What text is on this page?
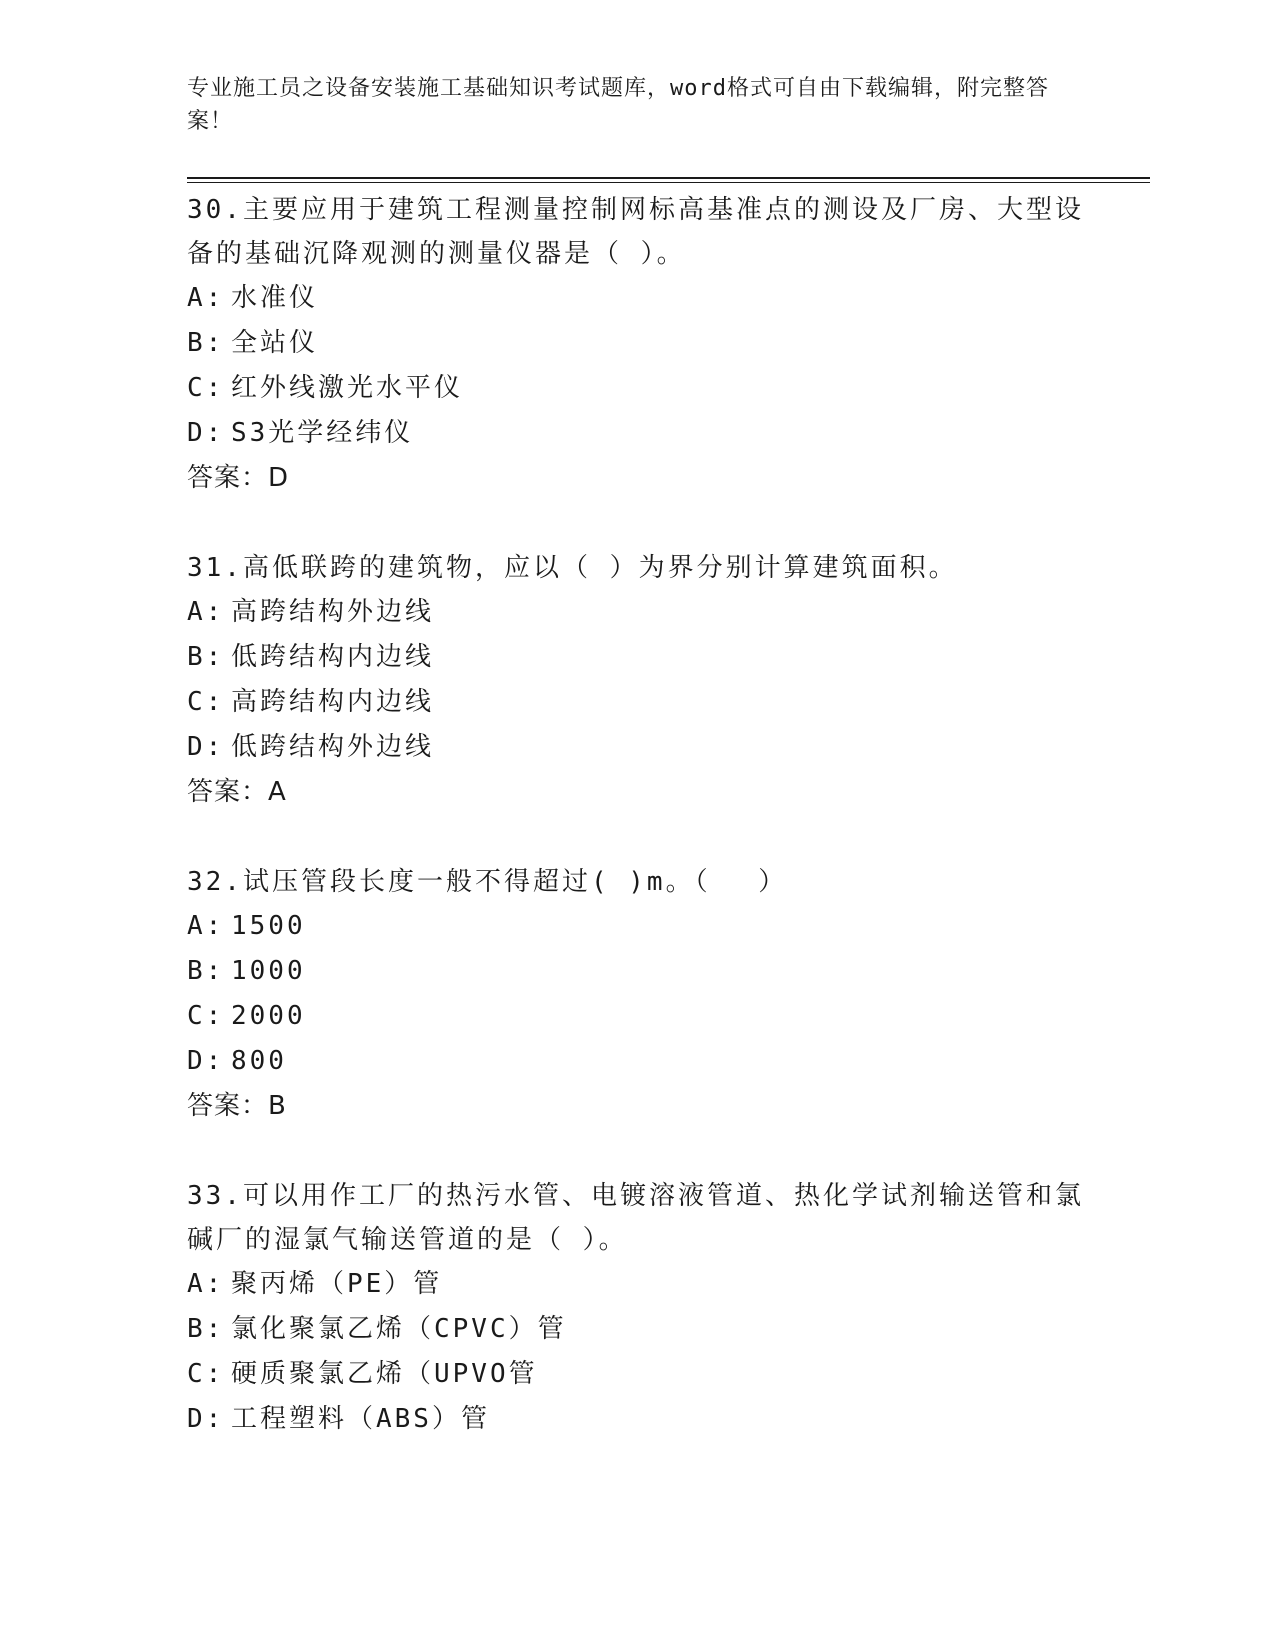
专业施工员之设备安装施工基础知识考试题库，word格式可自由下载编辑，附完整答案！

30.主要应用于建筑工程测量控制网标高基准点的测设及厂房、大型设备的基础沉降观测的测量仪器是（ ）。

A: 水准仪

B: 全站仪

C: 红外线激光水平仪

D: S3光学经纬仪

答案：D

31.高低联跨的建筑物，应以（ ）为界分别计算建筑面积。

A: 高跨结构外边线

B: 低跨结构内边线

C: 高跨结构内边线

D: 低跨结构外边线

答案：A

32.试压管段长度一般不得超过( )m。（　 ）

A: 1500

B: 1000

C: 2000

D: 800

答案：B

33.可以用作工厂的热污水管、电镀溶液管道、热化学试剂输送管和氯碱厂的湿氯气输送管道的是（ ）。

A: 聚丙烯（PE）管

B: 氯化聚氯乙烯（CPVC）管

C: 硬质聚氯乙烯（UPVO管

D: 工程塑料（ABS）管
